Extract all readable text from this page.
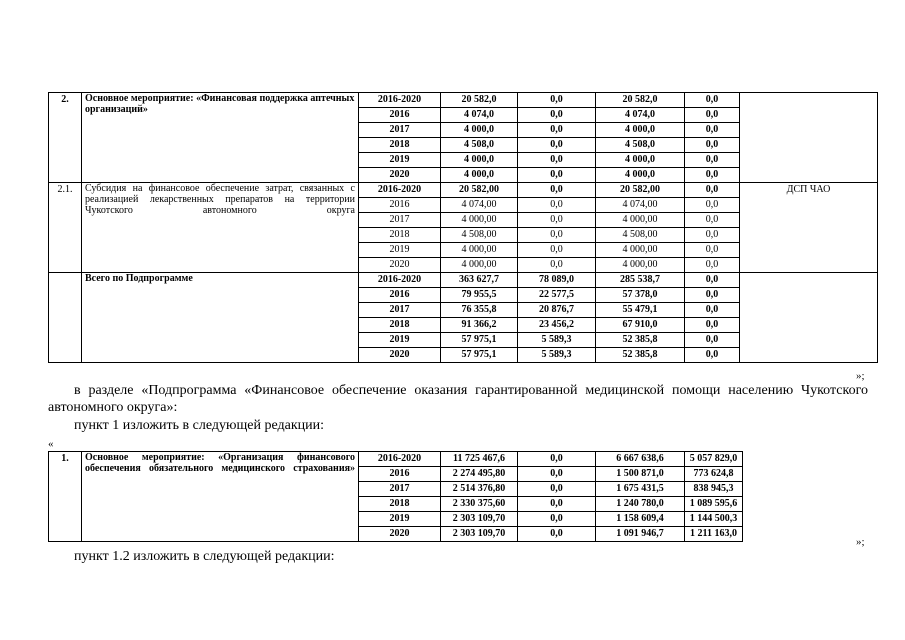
2.	Основное мероприятие: «Финансовая поддержка аптечных организаций»	2016-2020	20 582,0	0,0	20 582,0	0,0	
		2016	4 074,0	0,0	4 074,0	0,0	
		2017	4 000,0	0,0	4 000,0	0,0	
		2018	4 508,0	0,0	4 508,0	0,0	
		2019	4 000,0	0,0	4 000,0	0,0	
		2020	4 000,0	0,0	4 000,0	0,0	
2.1.	Субсидия на финансовое обеспечение затрат, связанных с реализацией лекарственных препаратов на территории Чукотского автономного округа	2016-2020	20 582,00	0,0	20 582,00	0,0	ДСП ЧАО
		2016	4 074,00	0,0	4 074,00	0,0	
		2017	4 000,00	0,0	4 000,00	0,0	
		2018	4 508,00	0,0	4 508,00	0,0	
		2019	4 000,00	0,0	4 000,00	0,0	
		2020	4 000,00	0,0	4 000,00	0,0	
	Всего по Подпрограмме	2016-2020	363 627,7	78 089,0	285 538,7	0,0	
		2016	79 955,5	22 577,5	57 378,0	0,0	
		2017	76 355,8	20 876,7	55 479,1	0,0	
		2018	91 366,2	23 456,2	67 910,0	0,0	
		2019	57 975,1	5 589,3	52 385,8	0,0	
		2020	57 975,1	5 589,3	52 385,8	0,0	
»;
в разделе «Подпрограмма «Финансовое обеспечение оказания гарантированной медицинской помощи населению Чукотского автономного округа»:
пункт 1 изложить в следующей редакции:
«
1.	Основное мероприятие: «Организация финансового обеспечения обязательного медицинского страхования»	2016-2020	11 725 467,6	0,0	6 667 638,6	5 057 829,0
		2016	2 274 495,80	0,0	1 500 871,0	773 624,8
		2017	2 514 376,80	0,0	1 675 431,5	838 945,3
		2018	2 330 375,60	0,0	1 240 780,0	1 089 595,6
		2019	2 303 109,70	0,0	1 158 609,4	1 144 500,3
		2020	2 303 109,70	0,0	1 091 946,7	1 211 163,0
»;
пункт 1.2 изложить в следующей редакции:
